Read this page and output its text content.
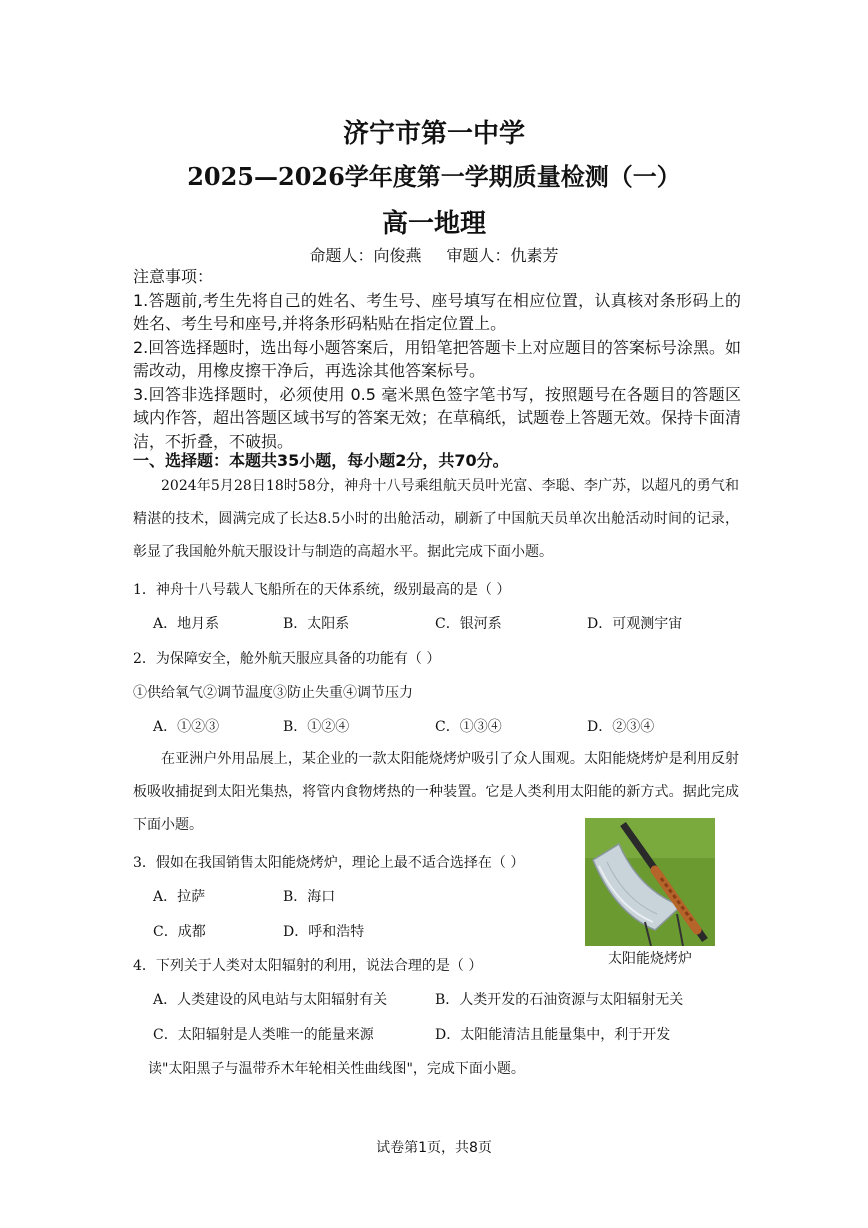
济宁市第一中学
2025—2026学年度第一学期质量检测（一）
高一地理
命题人：向俊燕 审题人：仇素芳

注意事项：

1.答题前,考生先将自己的姓名、考生号、座号填写在相应位置，认真核对条形码上的姓名、考生号和座号,并将条形码粘贴在指定位置上。

2.回答选择题时，选出每小题答案后，用铅笔把答题卡上对应题目的答案标号涂黑。如需改动，用橡皮擦干净后，再选涂其他答案标号。

3.回答非选择题时，必须使用 0.5 毫米黑色签字笔书写，按照题号在各题目的答题区域内作答，超出答题区域书写的答案无效；在草稿纸，试题卷上答题无效。保持卡面清洁，不折叠，不破损。

一、选择题：本题共35小题，每小题2分，共70分。

2024年5月28日18时58分，神舟十八号乘组航天员叶光富、李聪、李广苏，以超凡的勇气和精湛的技术，圆满完成了长达8.5小时的出舱活动，刷新了中国航天员单次出舱活动时间的记录，彰显了我国舱外航天服设计与制造的高超水平。据此完成下面小题。

1．神舟十八号载人飞船所在的天体系统，级别最高的是（ ）
A．地月系	B．太阳系	C．银河系	D．可观测宇宙
2．为保障安全，舱外航天服应具备的功能有（ ）
①供给氧气②调节温度③防止失重④调节压力
A．①②③	B．①②④	C．①③④	D．②③④

在亚洲户外用品展上，某企业的一款太阳能烧烤炉吸引了众人围观。太阳能烧烤炉是利用反射板吸收捕捉到太阳光集热，将管内食物烤热的一种装置。它是人类利用太阳能的新方式。据此完成下面小题。

太阳能烧烤炉
3．假如在我国销售太阳能烧烤炉，理论上最不适合选择在（ ）
A．拉萨	B．海口
C．成都	D．呼和浩特
4．下列关于人类对太阳辐射的利用，说法合理的是（ ）
A．人类建设的风电站与太阳辐射有关	B．人类开发的石油资源与太阳辐射无关
C．太阳辐射是人类唯一的能量来源	D．太阳能清洁且能量集中，利于开发
读"太阳黑子与温带乔木年轮相关性曲线图"，完成下面小题。
试卷第1页，共8页
